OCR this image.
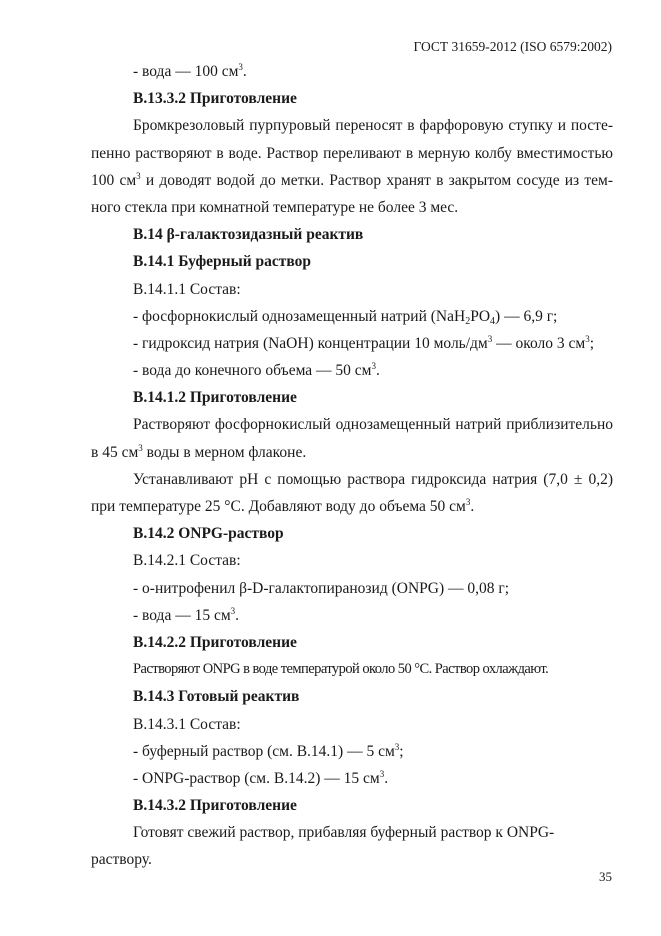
ГОСТ 31659-2012 (ISO 6579:2002)
- вода — 100 $см^3$.
В.13.3.2 Приготовление
Бромкрезоловый пурпуровый переносят в фарфоровую ступку и посте-
пенно растворяют в воде. Раствор переливают в мерную колбу вместимостью
100 $см^3$ и доводят водой до метки. Раствор хранят в закрытом сосуде из тем-
ного стекла при комнатной температуре не более 3 мес.
В.14 β-галактозидазный реактив
В.14.1 Буферный раствор
В.14.1.1 Состав:
- фосфорнокислый однозамещенный натрий $(NaH_2PO_4)$ — 6,9 г;
- гидроксид натрия (NaOH) концентрации 10 моль/$дм^3$ — около 3 $см^3$;
- вода до конечного объема — 50 $см^3$.
В.14.1.2 Приготовление
Растворяют фосфорнокислый однозамещенный натрий приблизительно
в 45 $см^3$ воды в мерном флаконе.
Устанавливают pH с помощью раствора гидроксида натрия (7,0 ± 0,2)
при температуре 25 °С. Добавляют воду до объема 50 $см^3$.
В.14.2 ONPG-раствор
В.14.2.1 Состав:
- о-нитрофенил β-D-галактопиранозид (ONPG) — 0,08 г;
- вода — 15 $см^3$.
В.14.2.2 Приготовление
Растворяют ONPG в воде температурой около 50 °С. Раствор охлаждают.
В.14.3 Готовый реактив
В.14.3.1 Состав:
- буферный раствор (см. В.14.1) — 5 $см^3$;
- ONPG-раствор (см. В.14.2) — 15 $см^3$.
В.14.3.2 Приготовление
Готовят свежий раствор, прибавляя буферный раствор к ONPG-
раствору.
35
